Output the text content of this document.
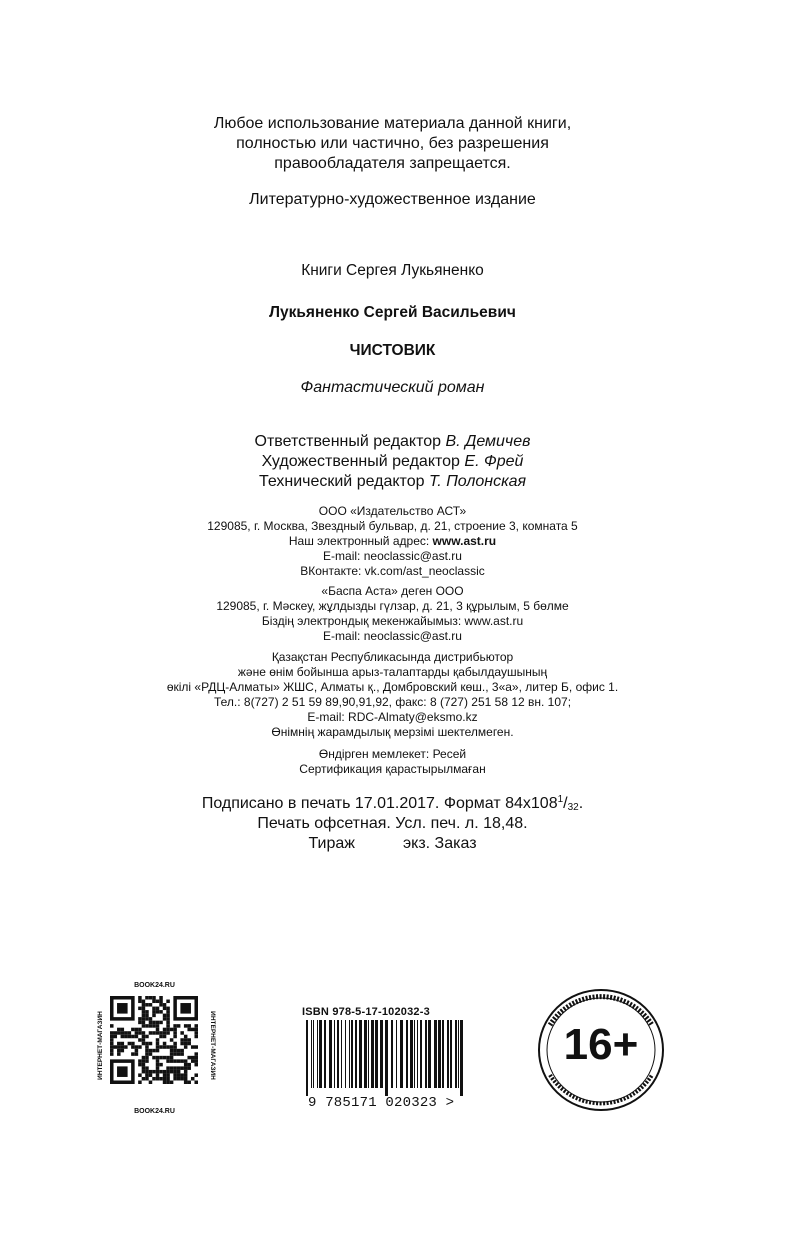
Любое использование материала данной книги,
полностью или частично, без разрешения
правообладателя запрещается.
Литературно-художественное издание
Книги Сергея Лукьяненко
Лукьяненко Сергей Васильевич
ЧИСТОВИК
Фантастический роман
Ответственный редактор В. Демичев
Художественный редактор Е. Фрей
Технический редактор Т. Полонская
ООО «Издательство АСТ»
129085, г. Москва, Звездный бульвар, д. 21, строение 3, комната 5
Наш электронный адрес: www.ast.ru
E-mail: neoclassic@ast.ru
ВКонтакте: vk.com/ast_neoclassic
«Баспа Аста» деген ООО
129085, г. Мәскеу, жұлдызды гүлзар, д. 21, 3 құрылым, 5 бөлме
Біздің электрондық мекенжайымыз: www.ast.ru
E-mail: neoclassic@ast.ru
Қазақстан Республикасында дистрибьютор
және өнім бойынша арыз-талаптарды қабылдаушының
өкілі «РДЦ-Алматы» ЖШС, Алматы қ., Домбровский көш., 3«а», литер Б, офис 1.
Тел.: 8(727) 2 51 59 89,90,91,92, факс: 8 (727) 251 58 12 вн. 107;
E-mail: RDC-Almaty@eksmo.kz
Өнімнің жарамдылық мерзімі шектелмеген.
Өндірген мемлекет: Ресей
Сертификация қарастырылмаған
Подписано в печать 17.01.2017. Формат $84x108^1/_{32}$.
Печать офсетная. Усл. печ. л. 18,48.
Тираж	экз. Заказ
BOOK24.RU
ИНТЕРНЕТ-МАГАЗИН	ИНТЕРНЕТ-МАГАЗИН
BOOK24.RU
ISBN 978-5-17-102032-3
9 785171 020323 >
16+
